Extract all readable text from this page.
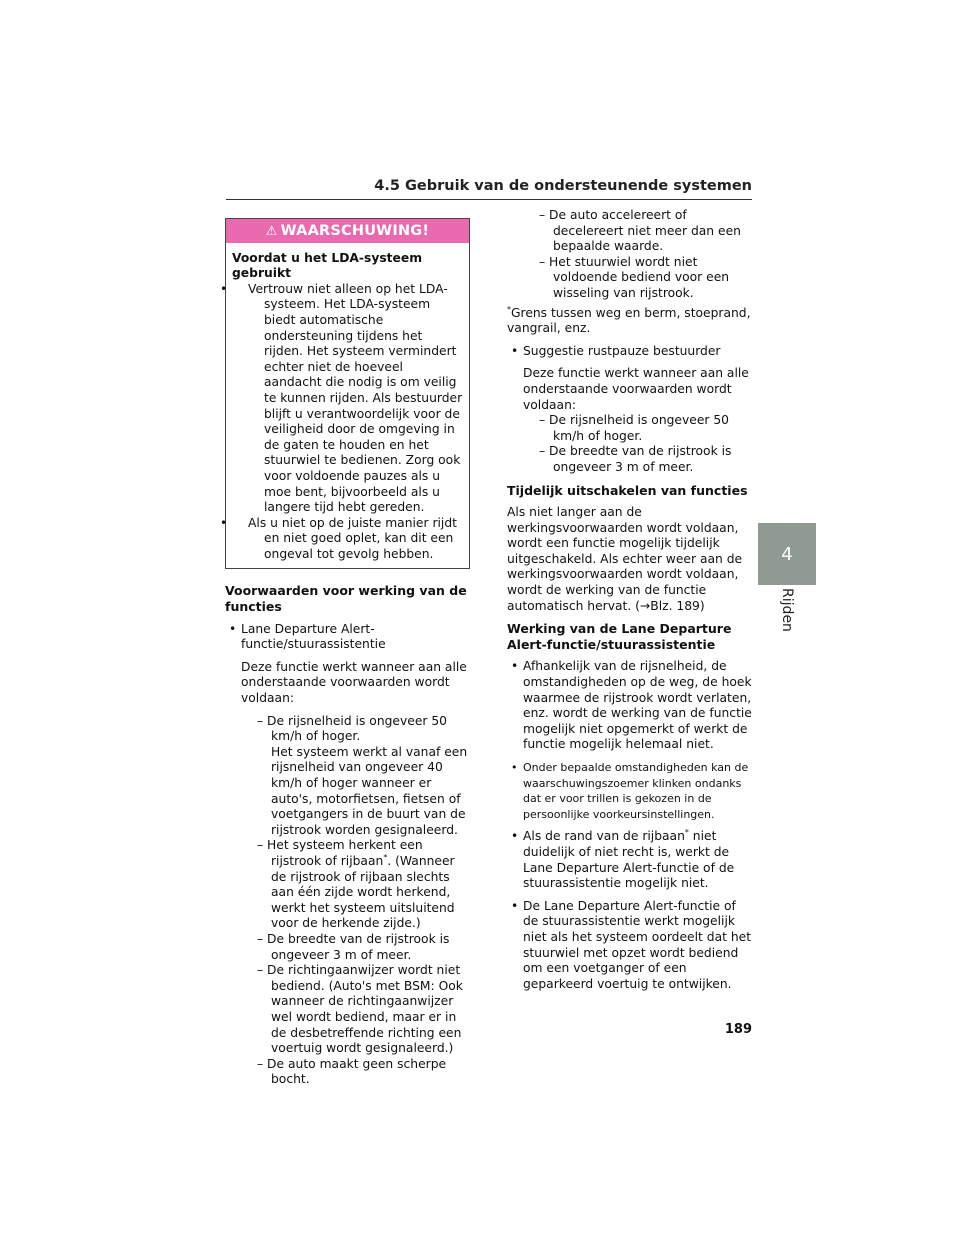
4.5 Gebruik van de ondersteunende systemen
4
Rijden
⚠ WAARSCHUWING!
Voordat u het LDA-systeem gebruikt
• Vertrouw niet alleen op het LDA-systeem. Het LDA-systeem biedt automatische ondersteuning tijdens het rijden. Het systeem vermindert echter niet de hoeveel aandacht die nodig is om veilig te kunnen rijden. Als bestuurder blijft u verantwoordelijk voor de veiligheid door de omgeving in de gaten te houden en het stuurwiel te bedienen. Zorg ook voor voldoende pauzes als u moe bent, bijvoorbeeld als u langere tijd hebt gereden.
• Als u niet op de juiste manier rijdt en niet goed oplet, kan dit een ongeval tot gevolg hebben.
Voorwaarden voor werking van de functies
• Lane Departure Alert-functie/stuurassistentie
Deze functie werkt wanneer aan alle onderstaande voorwaarden wordt voldaan:
– De rijsnelheid is ongeveer 50 km/h of hoger.
Het systeem werkt al vanaf een rijsnelheid van ongeveer 40 km/h of hoger wanneer er auto's, motorfietsen, fietsen of voetgangers in de buurt van de rijstrook worden gesignaleerd.
– Het systeem herkent een rijstrook of rijbaan*. (Wanneer de rijstrook of rijbaan slechts aan één zijde wordt herkend, werkt het systeem uitsluitend voor de herkende zijde.)
– De breedte van de rijstrook is ongeveer 3 m of meer.
– De richtingaanwijzer wordt niet bediend. (Auto's met BSM: Ook wanneer de richtingaanwijzer wel wordt bediend, maar er in de desbetreffende richting een voertuig wordt gesignaleerd.)
– De auto maakt geen scherpe bocht.
– De auto accelereert of decelereert niet meer dan een bepaalde waarde.
– Het stuurwiel wordt niet voldoende bediend voor een wisseling van rijstrook.
*Grens tussen weg en berm, stoeprand, vangrail, enz.
• Suggestie rustpauze bestuurder
Deze functie werkt wanneer aan alle onderstaande voorwaarden wordt voldaan:
– De rijsnelheid is ongeveer 50 km/h of hoger.
– De breedte van de rijstrook is ongeveer 3 m of meer.
Tijdelijk uitschakelen van functies
Als niet langer aan de werkingsvoorwaarden wordt voldaan, wordt een functie mogelijk tijdelijk uitgeschakeld. Als echter weer aan de werkingsvoorwaarden wordt voldaan, wordt de werking van de functie automatisch hervat. (→Blz. 189)
Werking van de Lane Departure Alert-functie/stuurassistentie
• Afhankelijk van de rijsnelheid, de omstandigheden op de weg, de hoek waarmee de rijstrook wordt verlaten, enz. wordt de werking van de functie mogelijk niet opgemerkt of werkt de functie mogelijk helemaal niet.
• Onder bepaalde omstandigheden kan de waarschuwingszoemer klinken ondanks dat er voor trillen is gekozen in de persoonlijke voorkeursinstellingen.
• Als de rand van de rijbaan* niet duidelijk of niet recht is, werkt de Lane Departure Alert-functie of de stuurassistentie mogelijk niet.
• De Lane Departure Alert-functie of de stuurassistentie werkt mogelijk niet als het systeem oordeelt dat het stuurwiel met opzet wordt bediend om een voetganger of een geparkeerd voertuig te ontwijken.
189
